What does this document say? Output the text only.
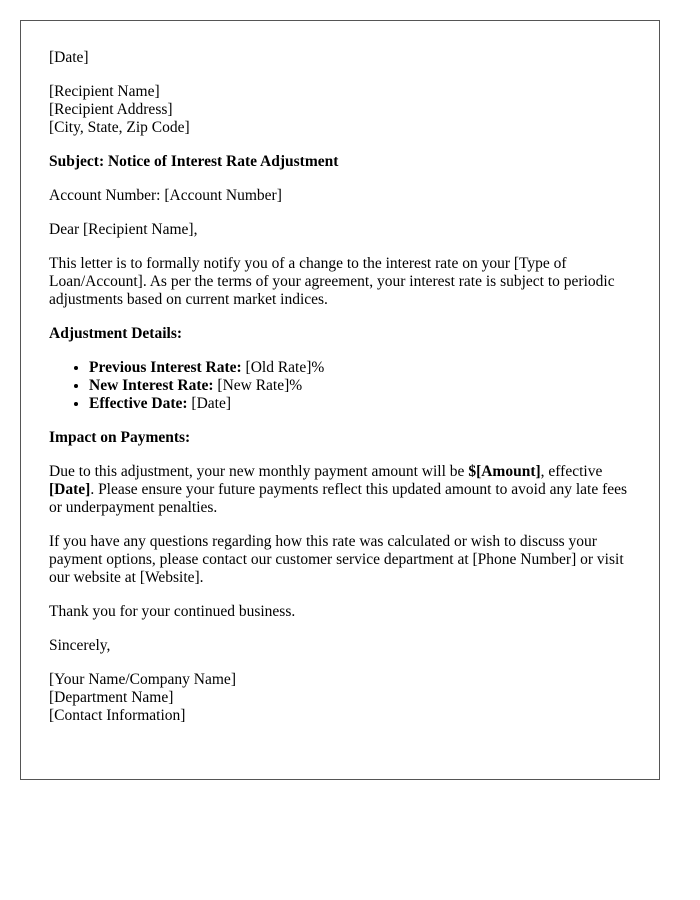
[Date]
[Recipient Name]
[Recipient Address]
[City, State, Zip Code]
Subject: Notice of Interest Rate Adjustment
Account Number: [Account Number]
Dear [Recipient Name],

This letter is to formally notify you of a change to the interest rate on your [Type of Loan/Account]. As per the terms of your agreement, your interest rate is subject to periodic adjustments based on current market indices.

Adjustment Details:
• Previous Interest Rate: [Old Rate]%
• New Interest Rate: [New Rate]%
• Effective Date: [Date]
Impact on Payments:

Due to this adjustment, your new monthly payment amount will be $[Amount], effective [Date]. Please ensure your future payments reflect this updated amount to avoid any late fees or underpayment penalties.

If you have any questions regarding how this rate was calculated or wish to discuss your payment options, please contact our customer service department at [Phone Number] or visit our website at [Website].

Thank you for your continued business.

Sincerely,

[Your Name/Company Name]
[Department Name]
[Contact Information]
